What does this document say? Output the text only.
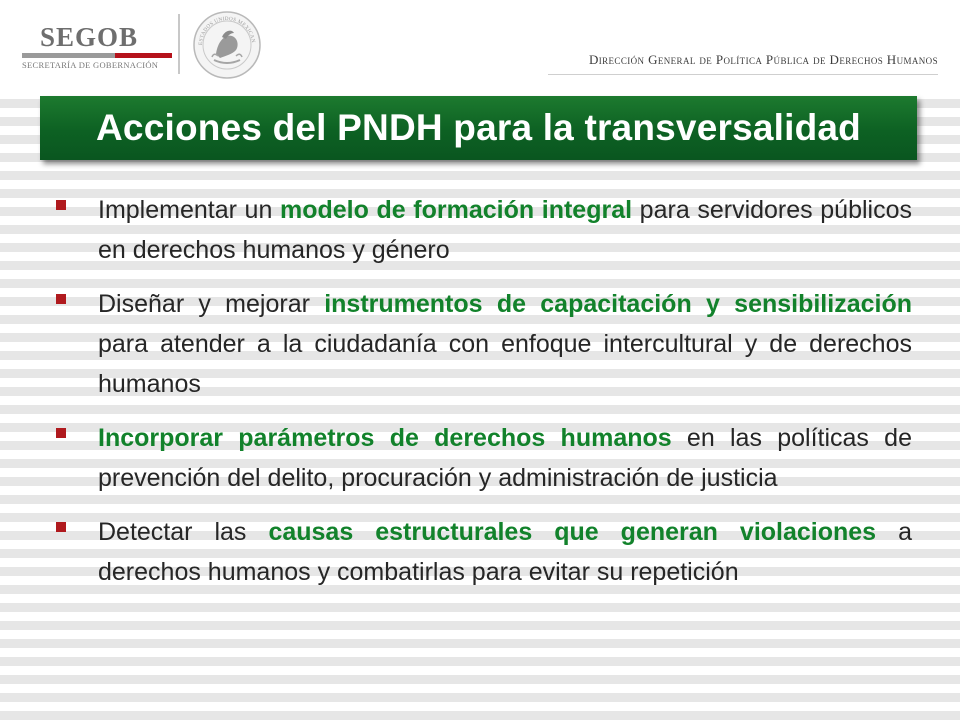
SEGOB
SECRETARÍA DE GOBERNACIÓN
ESTADOS UNIDOS MEXICAN
Dirección General de Política Pública de Derechos Humanos
Acciones del PNDH para la transversalidad

Implementar un modelo de formación integral para servidores públicos en derechos humanos y género

Diseñar y mejorar instrumentos de capacitación y sensibilización para atender a la ciudadanía con enfoque intercultural y de derechos humanos

Incorporar parámetros de derechos humanos en las políticas de prevención del delito, procuración y administración de justicia

Detectar las causas estructurales que generan violaciones a derechos humanos y combatirlas para evitar su repetición
